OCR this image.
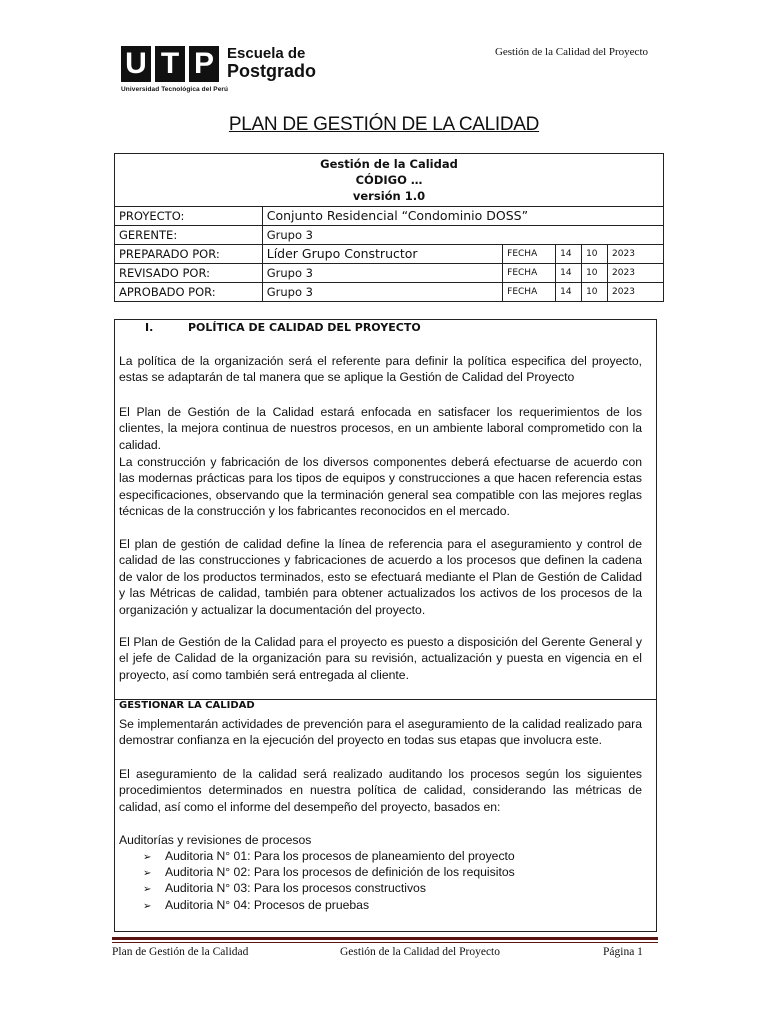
U T P Escuela de
Postgrado
Universidad Tecnológica del Perú
Gestión de la Calidad del Proyecto
PLAN DE GESTIÓN DE LA CALIDAD
Gestión de la Calidad
CÓDIGO …
versión 1.0					

PROYECTO:	Conjunto Residencial “Condominio DOSS”				
GERENTE:	Grupo 3				
PREPARADO POR:	Líder Grupo Constructor	FECHA	14	10	2023
REVISADO POR:	Grupo 3	FECHA	14	10	2023
APROBADO POR:	Grupo 3	FECHA	14	10	2023
I.	POLÍTICA DE CALIDAD DEL PROYECTO
La política de la organización será el referente para definir la política especifica del proyecto, estas se adaptarán de tal manera que se aplique la Gestión de Calidad del Proyecto
El Plan de Gestión de la Calidad estará enfocada en satisfacer los requerimientos de los clientes, la mejora continua de nuestros procesos, en un ambiente laboral comprometido con la calidad.
La construcción y fabricación de los diversos componentes deberá efectuarse de acuerdo con las modernas prácticas para los tipos de equipos y construcciones a que hacen referencia estas especificaciones, observando que la terminación general sea compatible con las mejores reglas técnicas de la construcción y los fabricantes reconocidos en el mercado.
El plan de gestión de calidad define la línea de referencia para el aseguramiento y control de calidad de las construcciones y fabricaciones de acuerdo a los procesos que definen la cadena de valor de los productos terminados, esto se efectuará mediante el Plan de Gestión de Calidad y las Métricas de calidad, también para obtener actualizados los activos de los procesos de la organización y actualizar la documentación del proyecto.
El Plan de Gestión de la Calidad para el proyecto es puesto a disposición del Gerente General y el jefe de Calidad de la organización para su revisión, actualización y puesta en vigencia en el proyecto, así como también será entregada al cliente.
GESTIONAR LA CALIDAD
Se implementarán actividades de prevención para el aseguramiento de la calidad realizado para demostrar confianza en la ejecución del proyecto en todas sus etapas que involucra este.
El aseguramiento de la calidad será realizado auditando los procesos según los siguientes procedimientos determinados en nuestra política de calidad, considerando las métricas de calidad, así como el informe del desempeño del proyecto, basados en:
Auditorías y revisiones de procesos
➢ Auditoria N° 01: Para los procesos de planeamiento del proyecto
➢ Auditoria N° 02: Para los procesos de definición de los requisitos
➢ Auditoria N° 03: Para los procesos constructivos
➢ Auditoria N° 04: Procesos de pruebas
Plan de Gestión de la Calidad	Gestión de la Calidad del Proyecto	Página 1
